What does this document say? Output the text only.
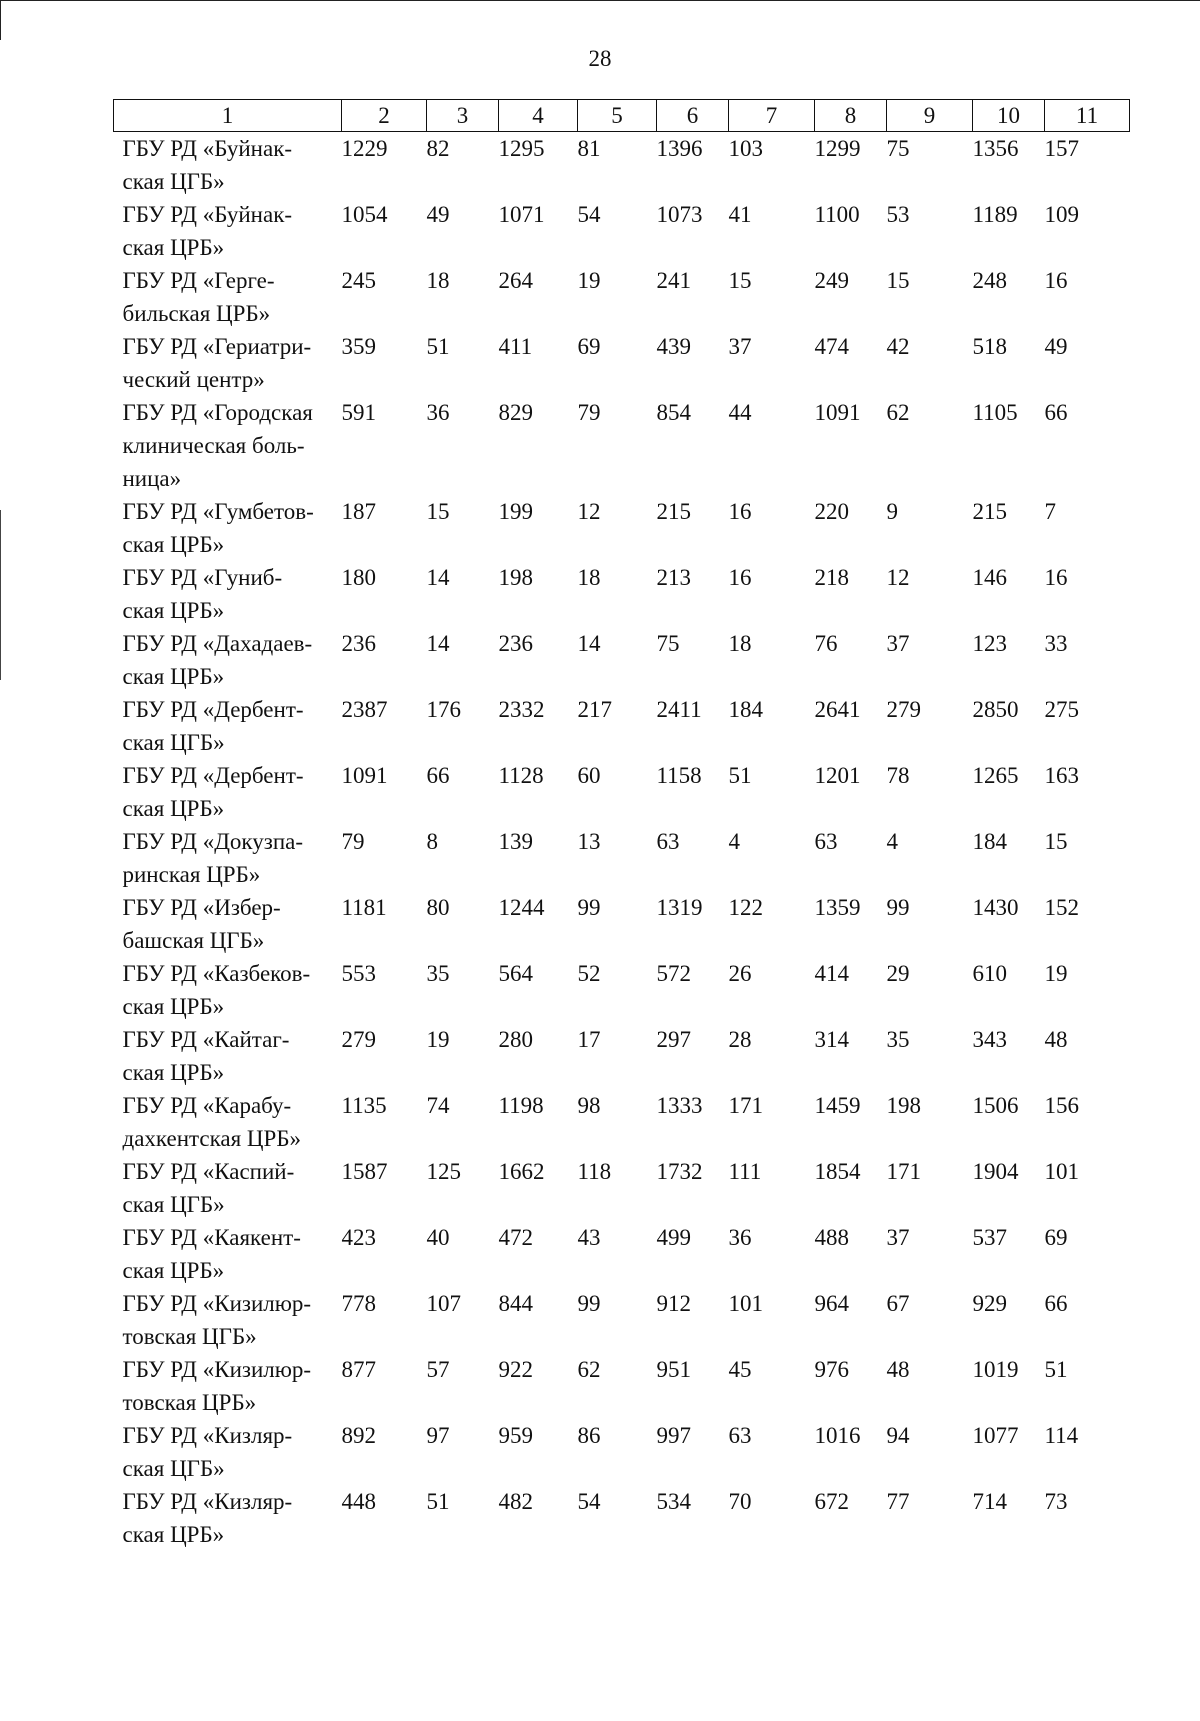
28
1	2	3	4	5	6	7	8	9	10	11

ГБУ РД «Буйнак-
ская ЦГБ»	1229	82	1295	81	1396	103	1299	75	1356	157

ГБУ РД «Буйнак-
ская ЦРБ»	1054	49	1071	54	1073	41	1100	53	1189	109

ГБУ РД «Герге-
бильская ЦРБ»	245	18	264	19	241	15	249	15	248	16

ГБУ РД «Гериатри-
ческий центр»	359	51	411	69	439	37	474	42	518	49

ГБУ РД «Городская
клиническая боль-
ница»	591	36	829	79	854	44	1091	62	1105	66

ГБУ РД «Гумбетов-
ская ЦРБ»	187	15	199	12	215	16	220	9	215	7

ГБУ РД «Гуниб-
ская ЦРБ»	180	14	198	18	213	16	218	12	146	16

ГБУ РД «Дахадаев-
ская ЦРБ»	236	14	236	14	75	18	76	37	123	33

ГБУ РД «Дербент-
ская ЦГБ»	2387	176	2332	217	2411	184	2641	279	2850	275

ГБУ РД «Дербент-
ская ЦРБ»	1091	66	1128	60	1158	51	1201	78	1265	163

ГБУ РД «Докузпа-
ринская ЦРБ»	79	8	139	13	63	4	63	4	184	15

ГБУ РД «Избер-
башская ЦГБ»	1181	80	1244	99	1319	122	1359	99	1430	152

ГБУ РД «Казбеков-
ская ЦРБ»	553	35	564	52	572	26	414	29	610	19

ГБУ РД «Кайтаг-
ская ЦРБ»	279	19	280	17	297	28	314	35	343	48

ГБУ РД «Карабу-
дахкентская ЦРБ»	1135	74	1198	98	1333	171	1459	198	1506	156

ГБУ РД «Каспий-
ская ЦГБ»	1587	125	1662	118	1732	111	1854	171	1904	101

ГБУ РД «Каякент-
ская ЦРБ»	423	40	472	43	499	36	488	37	537	69

ГБУ РД «Кизилюр-
товская ЦГБ»	778	107	844	99	912	101	964	67	929	66

ГБУ РД «Кизилюр-
товская ЦРБ»	877	57	922	62	951	45	976	48	1019	51

ГБУ РД «Кизляр-
ская ЦГБ»	892	97	959	86	997	63	1016	94	1077	114

ГБУ РД «Кизляр-
ская ЦРБ»	448	51	482	54	534	70	672	77	714	73
